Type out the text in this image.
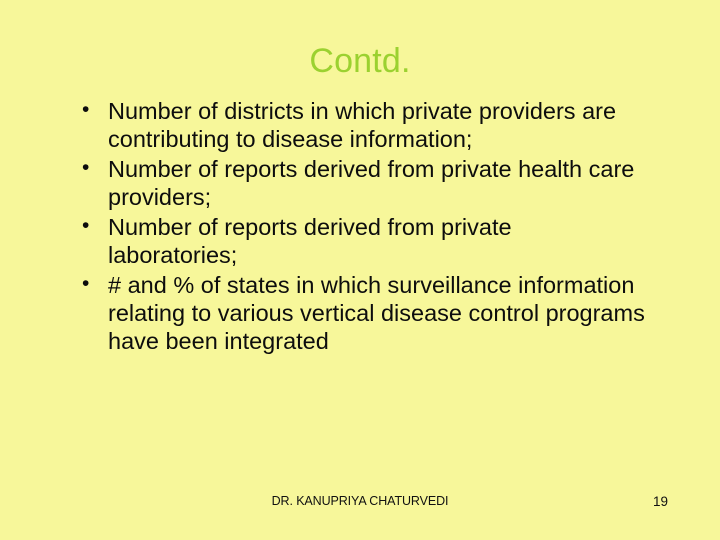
Contd.
• Number of districts in which private providers are contributing to disease information;
• Number of reports derived from private health care providers;
• Number of reports derived from private laboratories;
• # and % of states in which surveillance information relating to various vertical disease control programs have been integrated
DR. KANUPRIYA CHATURVEDI	19
